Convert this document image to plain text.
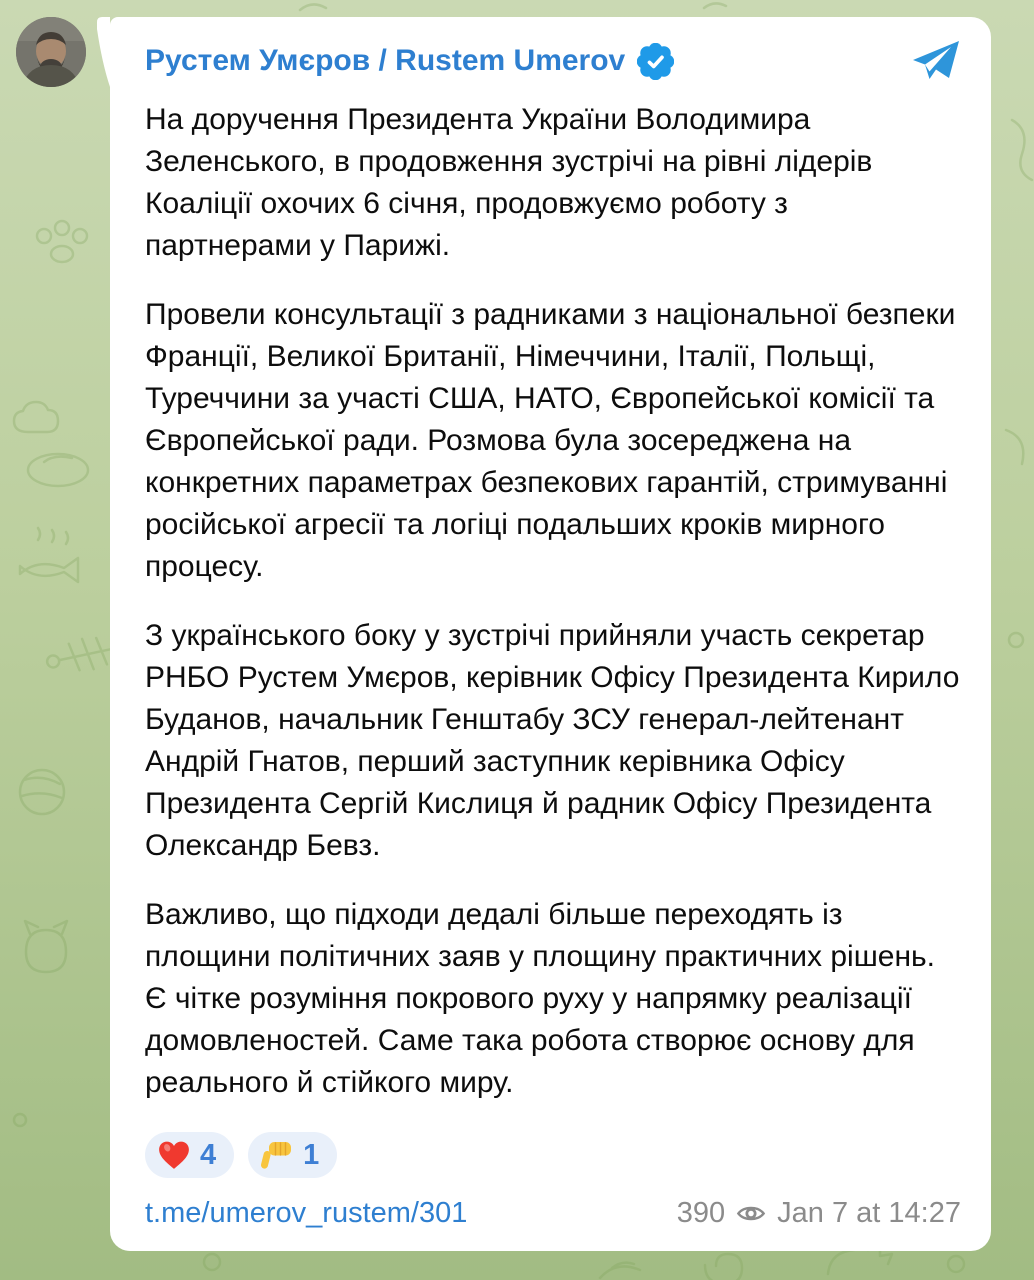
Рустем Умєров / Rustem Umerov

На доручення Президента України Володимира Зеленського, в продовження зустрічі на рівні лідерів Коаліції охочих 6 січня, продовжуємо роботу з партнерами у Парижі.

Провели консультації з радниками з національної безпеки Франції, Великої Британії, Німеччини, Італії, Польщі, Туреччини за участі США, НАТО, Європейської комісії та Європейської ради. Розмова була зосереджена на конкретних параметрах безпекових гарантій, стримуванні російської агресії та логіці подальших кроків мирного процесу.

З українського боку у зустрічі прийняли участь секретар РНБО Рустем Умєров, керівник Офісу Президента Кирило Буданов, начальник Генштабу ЗСУ генерал-лейтенант Андрій Гнатов, перший заступник керівника Офісу Президента Сергій Кислиця й радник Офісу Президента Олександр Бевз.

Важливо, що підходи дедалі більше переходять із площини політичних заяв у площину практичних рішень. Є чітке розуміння покрового руху у напрямку реалізації домовленостей. Саме така робота створює основу для реального й стійкого миру.

4	1
t.me/umerov_rustem/301	390 Jan 7 at 14:27
